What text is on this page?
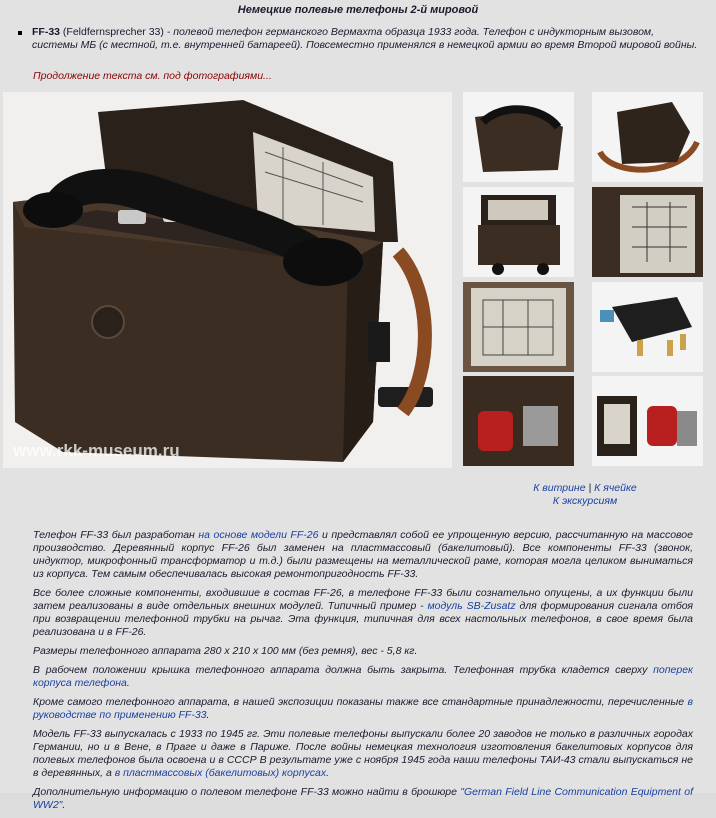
Немецкие полевые телефоны 2-й мировой
FF-33 (Feldfernsprecher 33) - полевой телефон германского Вермахта образца 1933 года. Телефон с индукторным вызовом, системы МБ (с местной, т.е. внутренней батареей). Повсеместно применялся в немецкой армии во время Второй мировой войны.
Продолжение текста см. под фотографиями...
www.rkk-museum.ru
К витрине | К ячейке
К экскурсиям

Телефон FF-33 был разработан на основе модели FF-26 и представлял собой ее упрощенную версию, рассчитанную на массовое производство. Деревянный корпус FF-26 был заменен на пластмассовый (бакелитовый). Все компоненты FF-33 (звонок, индуктор, микрофонный трансформатор и т.д.) были размещены на металлической раме, которая могла целиком выниматься из корпуса. Тем самым обеспечивалась высокая ремонтопригодность FF-33.

Все более сложные компоненты, входившие в состав FF-26, в телефоне FF-33 были сознательно опущены, а их функции были затем реализованы в виде отдельных внешних модулей. Типичный пример - модуль SB-Zusatz для формирования сигнала отбоя при возвращении телефонной трубки на рычаг. Эта функция, типичная для всех настольных телефонов, в свое время была реализована и в FF-26.

Размеры телефонного аппарата 280 х 210 х 100 мм (без ремня), вес - 5,8 кг.

В рабочем положении крышка телефонного аппарата должна быть закрыта. Телефонная трубка кладется сверху поперек корпуса телефона.

Кроме самого телефонного аппарата, в нашей экспозиции показаны также все стандартные принадлежности, перечисленные в руководстве по применению FF-33.

Модель FF-33 выпускалась с 1933 по 1945 гг. Эти полевые телефоны выпускали более 20 заводов не только в различных городах Германии, но и в Вене, в Праге и даже в Париже. После войны немецкая технология изготовления бакелитовых корпусов для полевых телефонов была освоена и в СССР В результате уже с ноября 1945 года наши телефоны ТАИ-43 стали выпускаться не в деревянных, а в пластмассовых (бакелитовых) корпусах.

Дополнительную информацию о полевом телефоне FF-33 можно найти в брошюре "German Field Line Communication Equipment of WW2".
